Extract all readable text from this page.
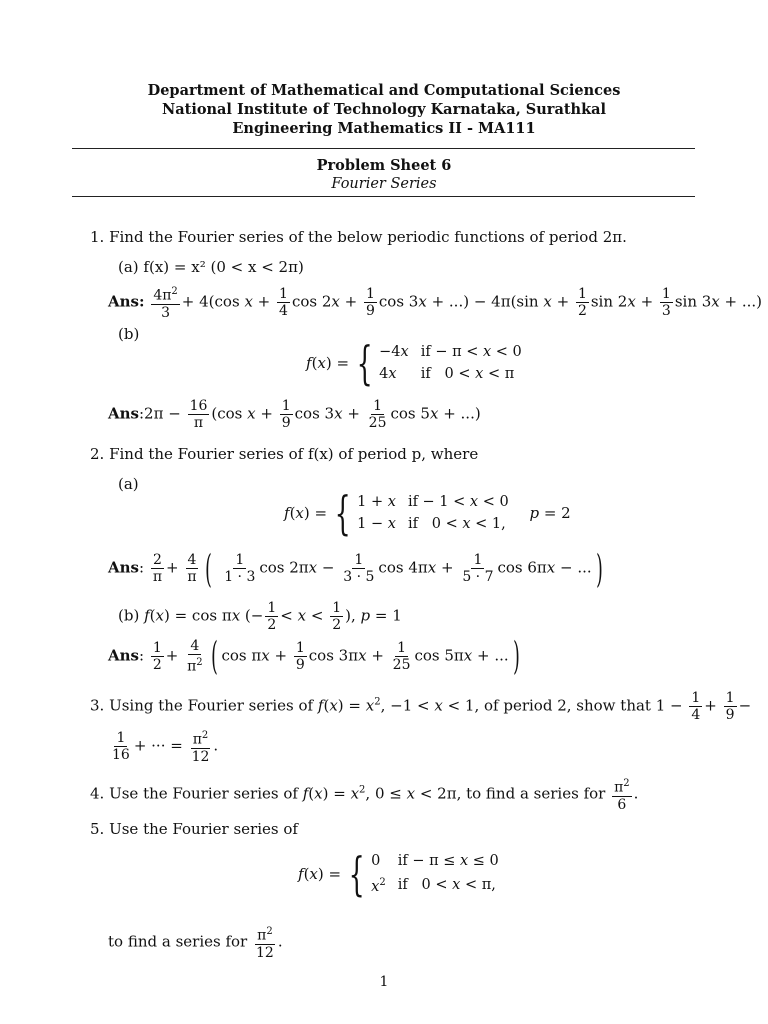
Department of Mathematical and Computational Sciences
National Institute of Technology Karnataka, Surathkal
Engineering Mathematics II - MA111
Problem Sheet 6
Fourier Series
1. Find the Fourier series of the below periodic functions of period 2π.
(a) f(x) = x² (0 < x < 2π)
Ans: $\frac{4\pi^2}{3} + 4(\cos$ $x + \frac{1}{4}$ $\cos 2x + \frac{1}{9}$ cos 3x + ...) − 4π(sin $x + \frac{1}{2}$ $\sin 2x + \frac{1}{3}$ sin 3x + ...)
(b)
f(x) = { −4x	if − π < x < 0
4x	if   0 < x < π
Ans:2π − $\frac{16}{\pi} (\cos$ $x + \frac{1}{9}$ $\cos 3x + \frac{1}{25}$ cos 5x + ...)
2. Find the Fourier series of f(x) of period p, where
(a)
f(x) = { 1 + x	if − 1 < x < 0
1 − x	if   0 < x < 1,
p = 2
Ans: $\frac{2}{\pi} + \frac{4}{\pi}$ ( $\frac{1}{1 \cdot 3}$ $\cos 2\pi x - \frac{1}{3 \cdot 5}$ $\cos 4\pi x + \frac{1}{5 \cdot 7}$ cos 6πx − ... )
(b) f(x) = cos πx (− $\frac{1}{2} < x < \frac{1}{2}$ ), p = 1
Ans: $\frac{1}{2} + \frac{4}{\pi^2}$ ( $\cos \pi x + \frac{1}{9}$ $\cos 3\pi x + \frac{1}{25}$ cos 5πx + ... )
3. Using the Fourier series of $f(x) = x^2$, −1 < x < 1, of period 2, show that $1 - \frac{1}{4} + \frac{1}{9}$ −
$\frac{1}{16}$ + ··· = $\frac{\pi^2}{12}$ .
4. Use the Fourier series of $f(x) = x^2$, 0 ≤ x < 2π, to find a series for $\frac{\pi^2}{6}$ .
5. Use the Fourier series of
f(x) = { 0	if − π ≤ x ≤ 0
$x^2$	if   0 < x < π,
to find a series for $\frac{\pi^2}{12}$ .
1
